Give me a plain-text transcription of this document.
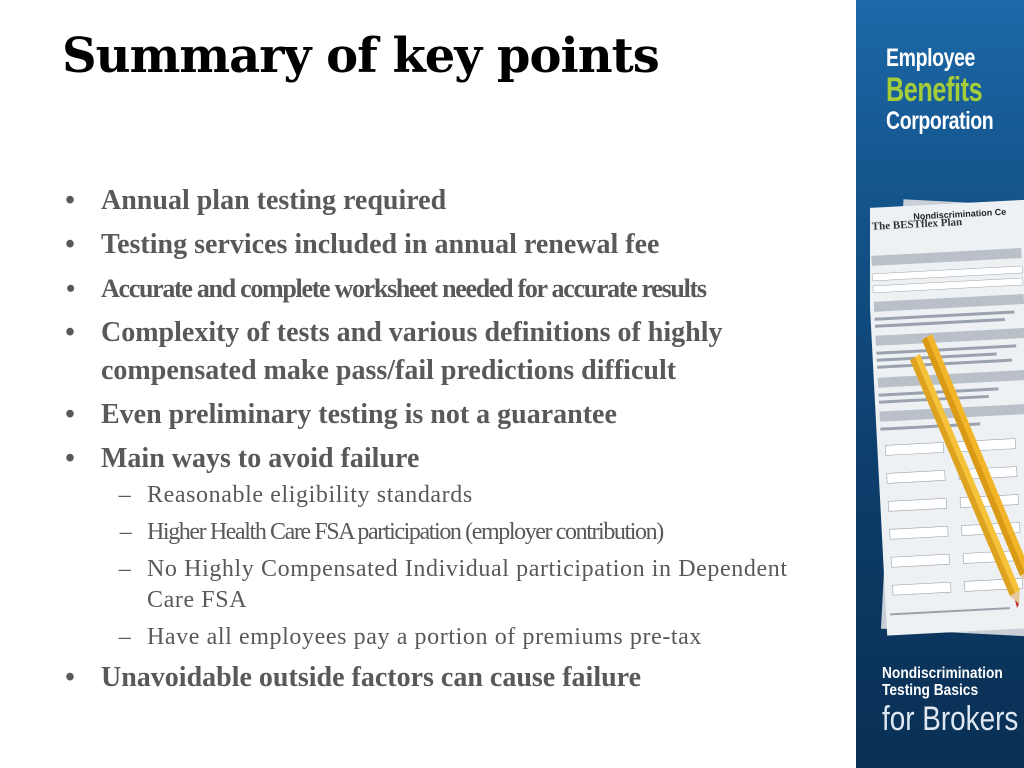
Summary of key points
• Annual plan testing required
• Testing services included in annual renewal fee
• Accurate and complete worksheet needed for accurate results
• Complexity of tests and various definitions of highly compensated make pass/fail predictions difficult
• Even preliminary testing is not a guarantee
• Main ways to avoid failure
– Reasonable eligibility standards
– Higher Health Care FSA participation (employer contribution)
– No Highly Compensated Individual participation in Dependent Care FSA
– Have all employees pay a portion of premiums pre-tax
• Unavoidable outside factors can cause failure
Employee
Benefits
Corporation
The BESTflex Plan
Nondiscrimination Ce
Nondiscrimination
Testing Basics
for Brokers
